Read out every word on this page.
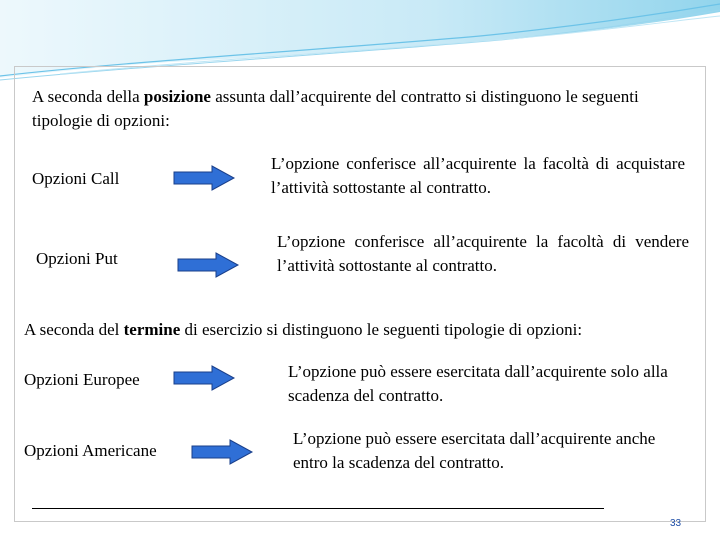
A seconda della posizione assunta dall’acquirente del contratto si distinguono le seguenti tipologie di opzioni:

Opzioni Call

L’opzione conferisce all’acquirente la facoltà di acquistare l’attività sottostante al contratto.

Opzioni Put

L’opzione conferisce all’acquirente la facoltà di vendere l’attività sottostante al contratto.

A seconda del termine di esercizio si distinguono le seguenti tipologie di opzioni:

Opzioni Europee	L’opzione può essere esercitata dall’acquirente solo alla scadenza del contratto.

Opzioni Americane

L’opzione può essere esercitata dall’acquirente anche entro la scadenza del contratto.

33
